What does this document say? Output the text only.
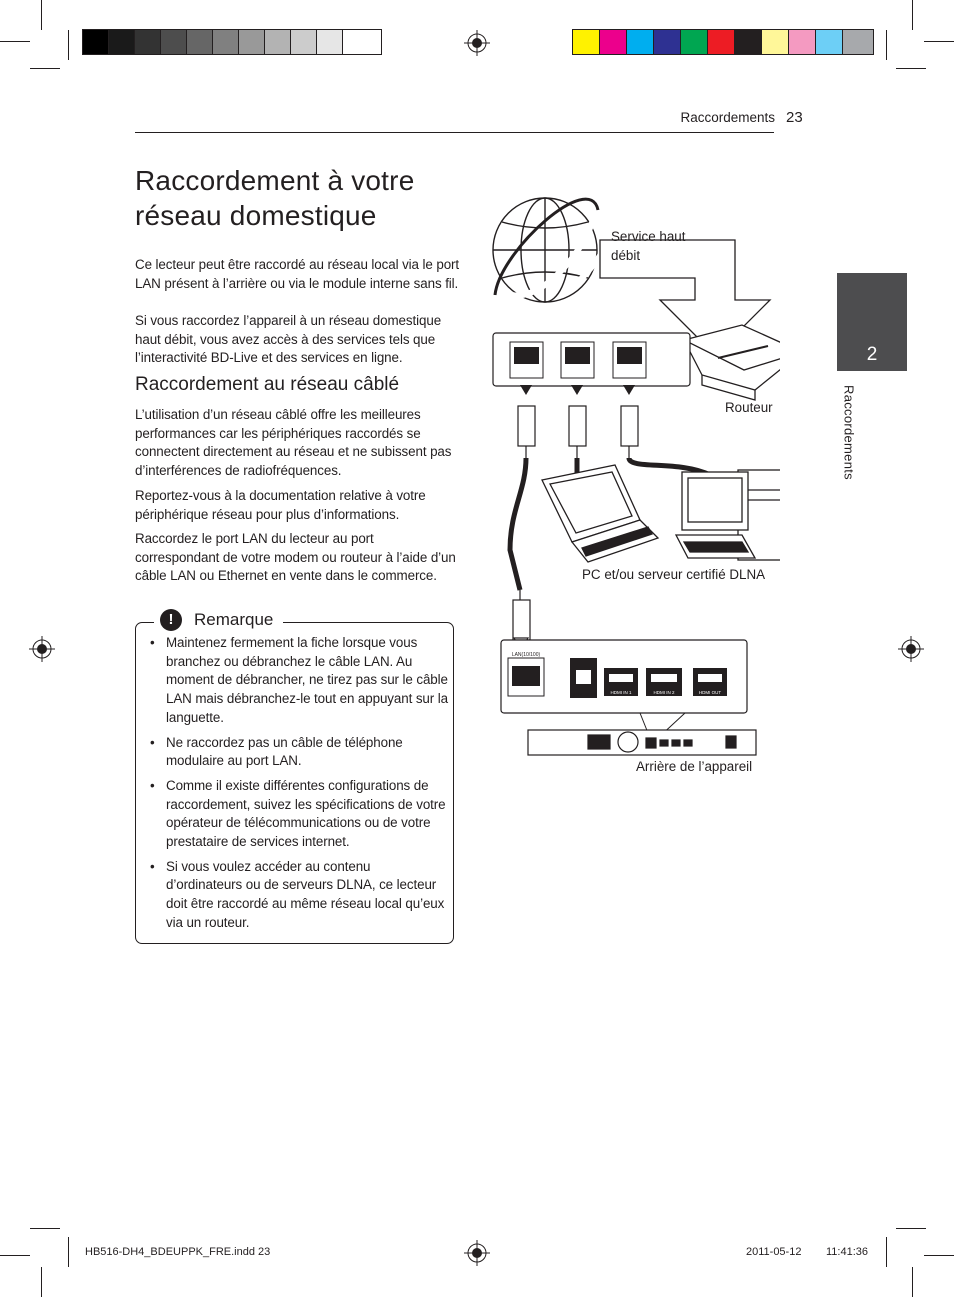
Raccordements 23
Raccordement à votre réseau domestique

Ce lecteur peut être raccordé au réseau local via le port LAN présent à l’arrière ou via le module interne sans fil.

Si vous raccordez l’appareil à un réseau domestique haut débit, vous avez accès à des services tels que l’interactivité BD-Live et des services en ligne.

Raccordement au réseau câblé

L’utilisation d’un réseau câblé offre les meilleures performances car les périphériques raccordés se connectent directement au réseau et ne subissent pas d’interférences de radiofréquences.

Reportez-vous à la documentation relative à votre périphérique réseau pour plus d’informations.

Raccordez le port LAN du lecteur au port correspondant de votre modem ou routeur à l’aide d’un câble LAN ou Ethernet en vente dans le commerce.

!	Remarque
• Maintenez fermement la fiche lorsque vous branchez ou débranchez le câble LAN. Au moment de débrancher, ne tirez pas sur le câble LAN mais débranchez-le tout en appuyant sur la languette.
• Ne raccordez pas un câble de téléphone modulaire au port LAN.
• Comme il existe différentes configurations de raccordement, suivez les spécifications de votre opérateur de télécommunications ou de votre prestataire de services internet.
• Si vous voulez accéder au contenu d’ordinateurs ou de serveurs DLNA, ce lecteur doit être raccordé au même réseau local qu’eux via un routeur.
2
Raccordements
LAN	LAN	LAN
LAN(10/100)
OPTICAL IN	HDMI IN 1	HDMI IN 2	HDMI OUT
Service haut débit
Routeur
PC et/ou serveur certifié DLNA
Arrière de l’appareil
HB516-DH4_BDEUPPK_FRE.indd 23	2011-05-12 11:41:36
